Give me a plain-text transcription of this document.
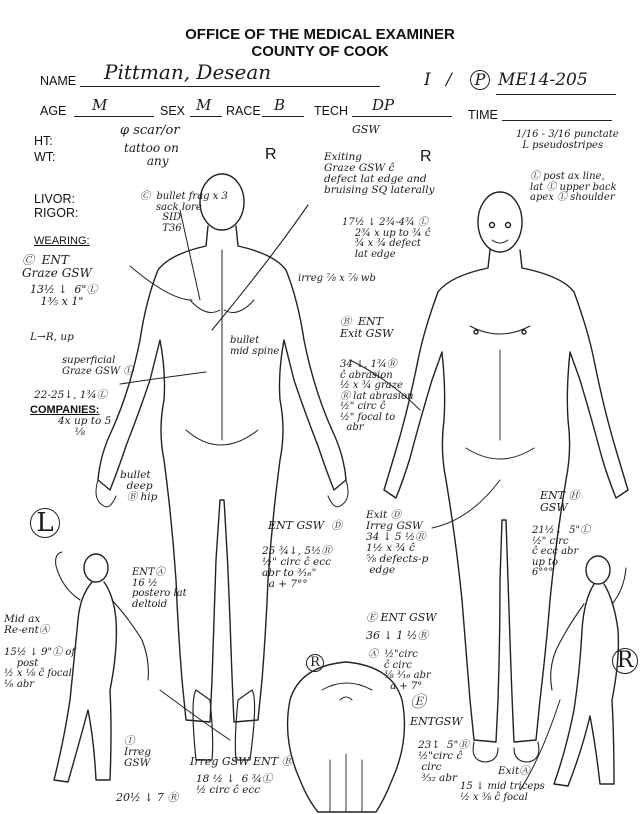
OFFICE OF THE MEDICAL EXAMINER
COUNTY OF COOK
NAME Pittman, Desean	I / P ME14-205
AGE M	SEX M RACE B TECH DP
TIME
HT:
WT:
φ scar/or
tattoo on
any
LIVOR:
RIGOR:
WEARING:
COMPANIES:
R	R
GSW
Exiting
Graze GSW ĉ
defect lat edge and
bruising SQ laterally
17½ ↓ 2¾-4¾ Ⓛ
2¾ x up to ¾ ĉ
¾ x ¾ defect
lat edge
1/16 - 3/16 punctate
L pseudostripes
Ⓛ post ax line,
lat Ⓛ upper back
apex Ⓛ shoulder
Ⓒ  bullet frag x 3
sack lore
SID
T36
Ⓒ  ENT
Graze GSW
13½ ↓  6"Ⓛ
1⅗ x 1"
L→R, up
superficial
Graze GSW Ⓛ
22-25↓, 1¾Ⓛ
4x up to 5
⅛
irreg ⅞ x ⅞ wb
bullet
mid spine
Ⓑ  ENT
Exit GSW
34 ↓, 1¾Ⓡ
ĉ abrasion
½ x ¾ graze
Ⓡ lat abrasion
½" circ ĉ
½" focal to
abr
bullet
deep
Ⓑ hip
ENT GSW  Ⓓ
25 ¾↓, 5½Ⓡ
½" circ ĉ ecc
abr to ³⁄₁₆"
a + 7°°
Exit Ⓓ
Irreg GSW
34 ↓ 5 ½Ⓡ
1½ x ¾ ĉ
⅝ defects-p
edge
ENT Ⓗ
GSW
21½↓  5"Ⓛ
½" circ
ĉ ecc abr
up to
6°°°
Ⓔ ENT GSW
36 ↓ 1 ½Ⓡ
Ⓐ  ½"circ
ĉ circ
⅜ ³⁄₁₆ abr
a + 7°
Ⓔ
ENTGSW
23↕  5"Ⓡ
½"circ ĉ
circ
³⁄₃₂ abr
L
R
ENTⒶ
16 ½
postero lat
deltoid
Mid ax
Re-entⒶ
15½ ↓ 9"Ⓛ of
post
½ x ⅛ ĉ focal
⅟₆ abr
Ⓘ
Irreg
GSW
20½ ↓ 7 Ⓡ
Irreg GSW ENT Ⓑ
18 ½ ↓  6 ¾Ⓛ
½ circ ĉ ecc
ExitⒶ
15 ↓ mid triceps
½ x ⅜ ĉ focal
R
